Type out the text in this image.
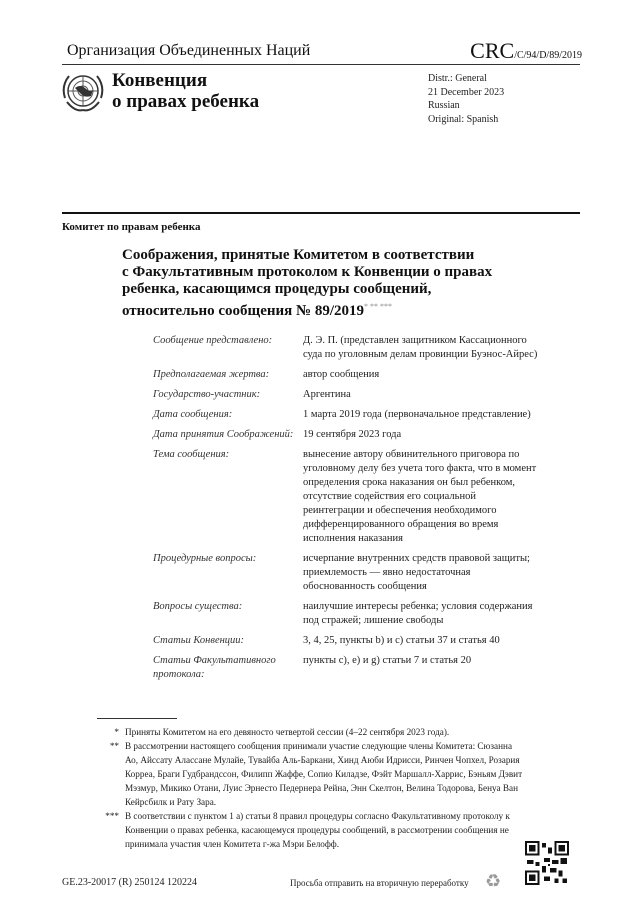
Организация Объединенных Наций	CRC/C/94/D/89/2019
Конвенция
о правах ребенка
Distr.: General
21 December 2023
Russian
Original: Spanish
Комитет по правам ребенка
Соображения, принятые Комитетом в соответствии
с Факультативным протоколом к Конвенции о правах
ребенка, касающимся процедуры сообщений,
относительно сообщения № 89/2019* ** ***
Сообщение представлено:	Д. Э. П. (представлен защитником Кассационного суда по уголовным делам провинции Буэнос-Айрес)
Предполагаемая жертва:	автор сообщения
Государство-участник:	Аргентина
Дата сообщения:	1 марта 2019 года (первоначальное представление)
Дата принятия Соображений: 19 сентября 2023 года
Тема сообщения:	вынесение автору обвинительного приговора по уголовному делу без учета того факта, что в момент определения срока наказания он был ребенком, отсутствие содействия его социальной реинтеграции и обеспечения необходимого дифференцированного обращения во время исполнения наказания
Процедурные вопросы:	исчерпание внутренних средств правовой защиты; приемлемость — явно недостаточная обоснованность сообщения
Вопросы существа:	наилучшие интересы ребенка; условия содержания под стражей; лишение свободы
Статьи Конвенции:	3, 4, 25, пункты b) и c) статьи 37 и статья 40
Статьи Факультативного протокола:
пункты c), e) и g) статьи 7 и статья 20
* Приняты Комитетом на его девяносто четвертой сессии (4–22 сентября 2023 года).
** В рассмотрении настоящего сообщения принимали участие следующие члены Комитета: Сюзанна Ао, Айссату Алассане Мулайе, Тувайба Аль-Баркани, Хинд Аюби Идрисси, Ринчен Чопхел, Розария Корреа, Браги Гудбрандссон, Филипп Жаффе, Сопио Киладзе, Фэйт Маршалл-Харрис, Бэньям Дэвит Мэзмур, Микико Отани, Луис Эрнесто Педернера Рейна, Энн Скелтон, Велина Тодорова, Бенуа Ван Кейрсбилк и Рату Зара.
*** В соответствии с пунктом 1 a) статьи 8 правил процедуры согласно Факультативному протоколу к Конвенции о правах ребенка, касающемуся процедуры сообщений, в рассмотрении сообщения не принимала участия член Комитета г-жа Мэри Белофф.
GE.23-20017 (R) 250124 120224	Просьба отправить на вторичную переработку ♻
